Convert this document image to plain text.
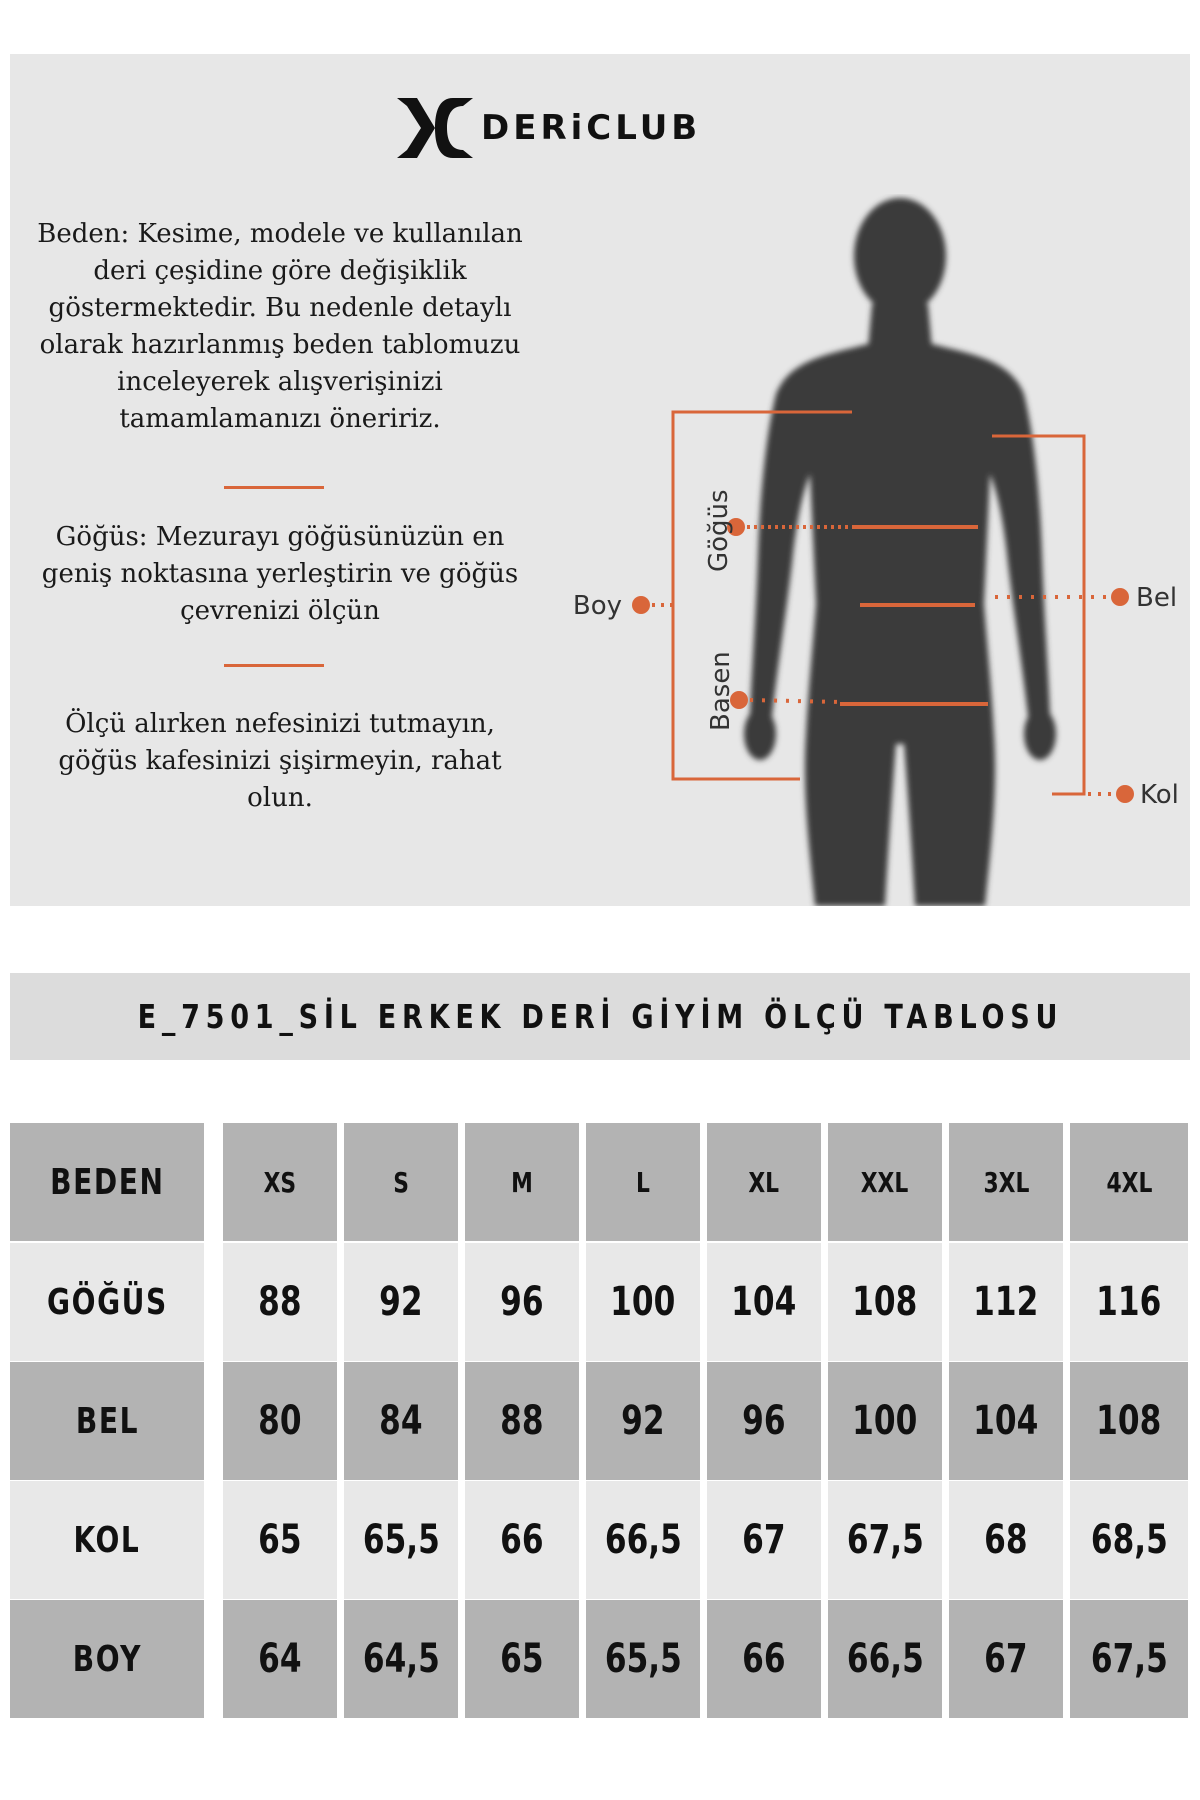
DERiCLUB
Beden: Kesime, modele ve kullanılan
deri çeşidine göre değişiklik
göstermektedir. Bu nedenle detaylı
olarak hazırlanmış beden tablomuzu
inceleyerek alışverişinizi
tamamlamanızı öneririz.
Göğüs: Mezurayı göğüsünüzün en
geniş noktasına yerleştirin ve göğüs
çevrenizi ölçün
Ölçü alırken nefesinizi tutmayın,
göğüs kafesinizi şişirmeyin, rahat olun.
Göğüs
Basen
Boy	Bel
Kol
E_7501_SİL ERKEK DERİ GİYİM ÖLÇÜ TABLOSU
BEDEN	XS	S	M	L	XL	XXL	3XL	4XL
GÖĞÜS 88 92 96 100 104 108 112 116
BEL	80 84 88 92 96 100 104 108
KOL	65 65,5 66 66,5 67 67,5 68 68,5
BOY	64 64,5 65 65,5 66 66,5 67 67,5
